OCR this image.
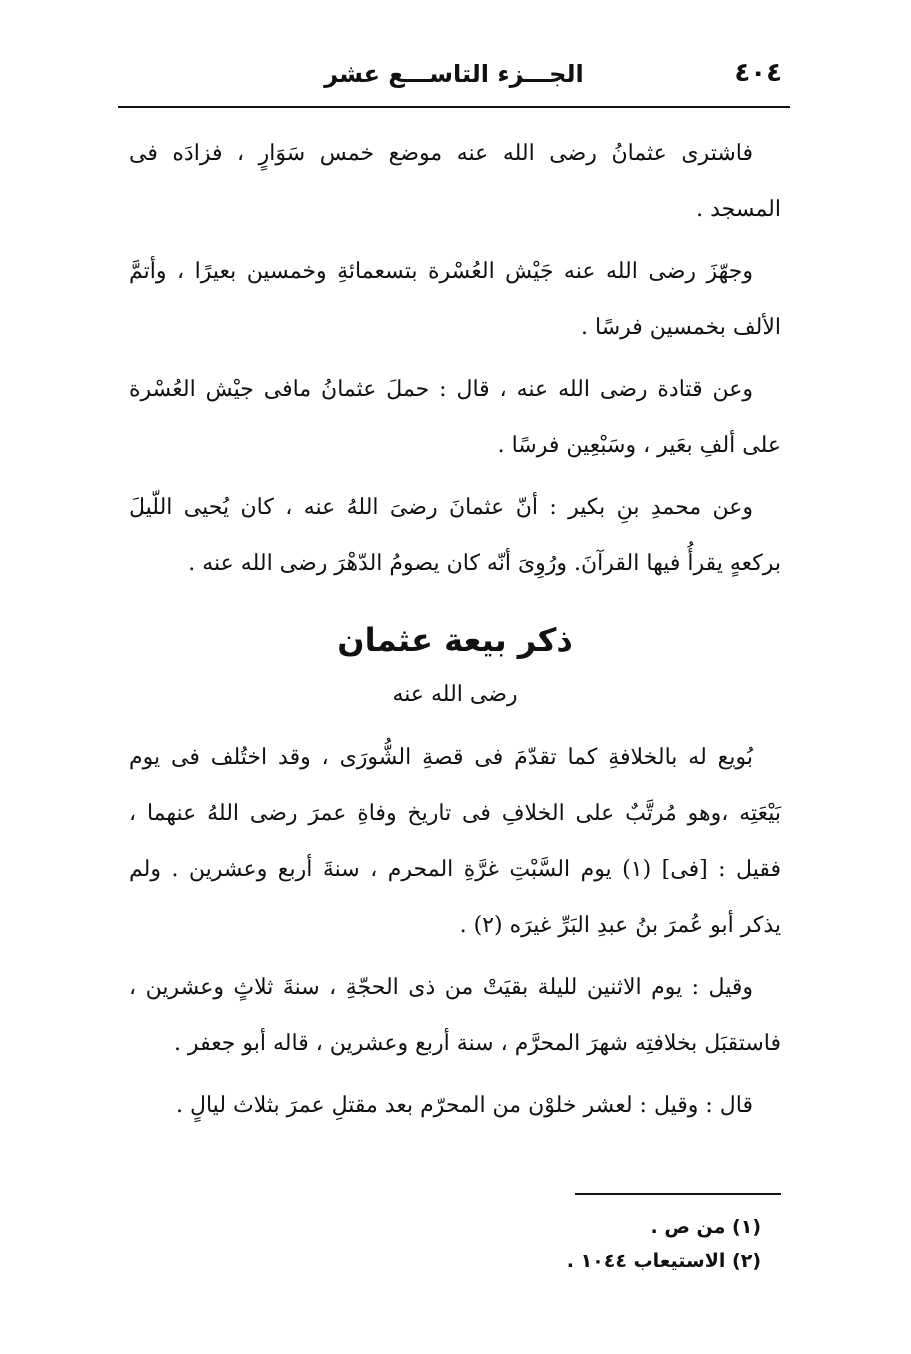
٤٠٤
الجـــزء التاســـع عشر

فاشترى عثمانُ رضى الله عنه موضع خمس سَوَارٍ ، فزادَه فى المسجد .

وجهّزَ رضى الله عنه جَيْش العُسْرة بتسعمائةِ وخمسين بعيرًا ، وأتمَّ الألف بخمسين فرسًا .

وعن قتادة رضى الله عنه ، قال : حملَ عثمانُ مافى جيْش العُسْرة على ألفِ بعَير ، وسَبْعِين فرسًا .

وعن محمدِ بنِ بكير : أنّ عثمانَ رضىَ اللهُ عنه ، كان يُحيى اللّيلَ بركعهٍ يقرأُ فيها القرآنَ. ورُوِىَ أنّه كان يصومُ الدّهْرَ رضى الله عنه .

ذكر بيعة عثمان
رضى الله عنه

بُويع له بالخلافةِ كما تقدّمَ فى قصةِ الشُّورَى ، وقد اختُلف فى يوم بَيْعَتِه ،وهو مُرتَّبٌ على الخلافِ فى تاريخ وفاةِ عمرَ رضى اللهُ عنهما ، فقيل : [فى] (١) يوم السَّبْتِ غرَّةِ المحرم ، سنةَ أربع وعشرين . ولم يذكر أبو عُمرَ بنُ عبدِ البَرِّ غيرَه (٢) .

وقيل : يوم الاثنين لليلة بقيَتْ من ذى الحجّةِ ، سنةَ ثلاثٍ وعشرين ، فاستقبَل بخلافتِه شهرَ المحرَّم ، سنة أربع وعشرين ، قاله أبو جعفر .

قال : وقيل : لعشر خلوْن من المحرّم بعد مقتلِ عمرَ بثلاث ليالٍ .

(١) من ص .

(٢) الاستيعاب ١٠٤٤ .
